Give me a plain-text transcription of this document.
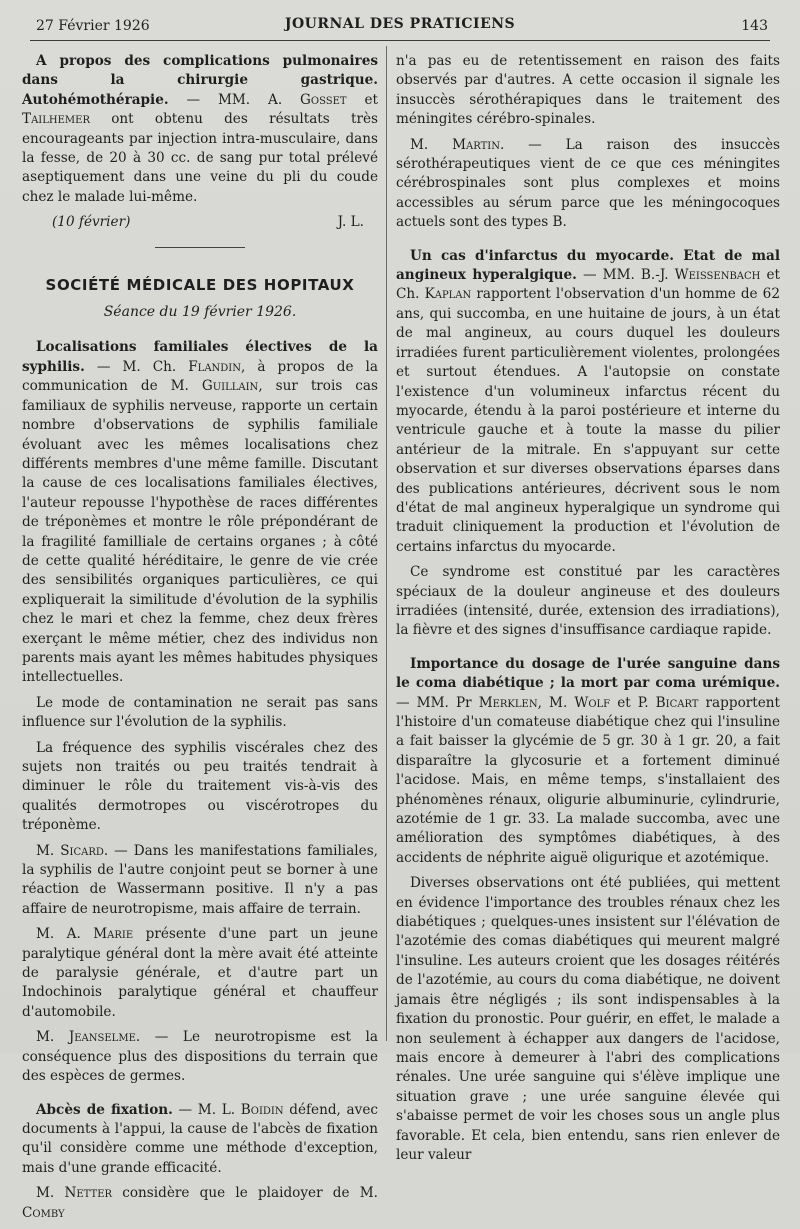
27 Février 1926	JOURNAL DES PRATICIENS	143

A propos des complications pulmonaires dans la chirurgie gastrique. Autohémothérapie. — MM. A. Gosset et Tailhemer ont obtenu des résultats très encourageants par injection intra-musculaire, dans la fesse, de 20 à 30 cc. de sang pur total prélevé aseptiquement dans une veine du pli du coude chez le malade lui-même.

(10 février)	J. L.
SOCIÉTÉ MÉDICALE DES HOPITAUX
Séance du 19 février 1926.

Localisations familiales électives de la syphilis. — M. Ch. Flandin, à propos de la communication de M. Guillain, sur trois cas familiaux de syphilis nerveuse, rapporte un certain nombre d'observations de syphilis familiale évoluant avec les mêmes localisations chez différents membres d'une même famille. Discutant la cause de ces localisations familiales électives, l'auteur repousse l'hypothèse de races différentes de tréponèmes et montre le rôle prépondérant de la fragilité familliale de certains organes ; à côté de cette qualité héréditaire, le genre de vie crée des sensibilités organiques particulières, ce qui expliquerait la similitude d'évolution de la syphilis chez le mari et chez la femme, chez deux frères exerçant le même métier, chez des individus non parents mais ayant les mêmes habitudes physiques intellectuelles.

Le mode de contamination ne serait pas sans influence sur l'évolution de la syphilis.

La fréquence des syphilis viscérales chez des sujets non traités ou peu traités tendrait à diminuer le rôle du traitement vis-à-vis des qualités dermotropes ou viscérotropes du tréponème.

M. Sicard. — Dans les manifestations familiales, la syphilis de l'autre conjoint peut se borner à une réaction de Wassermann positive. Il n'y a pas affaire de neurotropisme, mais affaire de terrain.

M. A. Marie présente d'une part un jeune paralytique général dont la mère avait été atteinte de paralysie générale, et d'autre part un Indochinois paralytique général et chauffeur d'automobile.

M. Jeanselme. — Le neurotropisme est la conséquence plus des dispositions du terrain que des espèces de germes.

Abcès de fixation. — M. L. Boidin défend, avec documents à l'appui, la cause de l'abcès de fixation qu'il considère comme une méthode d'exception, mais d'une grande efficacité.

M. Netter considère que le plaidoyer de M. Comby

n'a pas eu de retentissement en raison des faits observés par d'autres. A cette occasion il signale les insuccès sérothérapiques dans le traitement des méningites cérébro-spinales.

M. Martin. — La raison des insuccès sérothérapeutiques vient de ce que ces méningites cérébrospinales sont plus complexes et moins accessibles au sérum parce que les méningocoques actuels sont des types B.

Un cas d'infarctus du myocarde. Etat de mal angineux hyperalgique. — MM. B.-J. Weissenbach et Ch. Kaplan rapportent l'observation d'un homme de 62 ans, qui succomba, en une huitaine de jours, à un état de mal angineux, au cours duquel les douleurs irradiées furent particulièrement violentes, prolongées et surtout étendues. A l'autopsie on constate l'existence d'un volumineux infarctus récent du myocarde, étendu à la paroi postérieure et interne du ventricule gauche et à toute la masse du pilier antérieur de la mitrale. En s'appuyant sur cette observation et sur diverses observations éparses dans des publications antérieures, décrivent sous le nom d'état de mal angineux hyperalgique un syndrome qui traduit cliniquement la production et l'évolution de certains infarctus du myocarde.

Ce syndrome est constitué par les caractères spéciaux de la douleur angineuse et des douleurs irradiées (intensité, durée, extension des irradiations), la fièvre et des signes d'insuffisance cardiaque rapide.

Importance du dosage de l'urée sanguine dans le coma diabétique ; la mort par coma urémique. — MM. Pr Merklen, M. Wolf et P. Bicart rapportent l'histoire d'un comateuse diabétique chez qui l'insuline a fait baisser la glycémie de 5 gr. 30 à 1 gr. 20, a fait disparaître la glycosurie et a fortement diminué l'acidose. Mais, en même temps, s'installaient des phénomènes rénaux, oligurie albuminurie, cylindrurie, azotémie de 1 gr. 33. La malade succomba, avec une amélioration des symptômes diabétiques, à des accidents de néphrite aiguë oligurique et azotémique.

Diverses observations ont été publiées, qui mettent en évidence l'importance des troubles rénaux chez les diabétiques ; quelques-unes insistent sur l'élévation de l'azotémie des comas diabétiques qui meurent malgré l'insuline. Les auteurs croient que les dosages réitérés de l'azotémie, au cours du coma diabétique, ne doivent jamais être négligés ; ils sont indispensables à la fixation du pronostic. Pour guérir, en effet, le malade a non seulement à échapper aux dangers de l'acidose, mais encore à demeurer à l'abri des complications rénales. Une urée sanguine qui s'élève implique une situation grave ; une urée sanguine élevée qui s'abaisse permet de voir les choses sous un angle plus favorable. Et cela, bien entendu, sans rien enlever de leur valeur
